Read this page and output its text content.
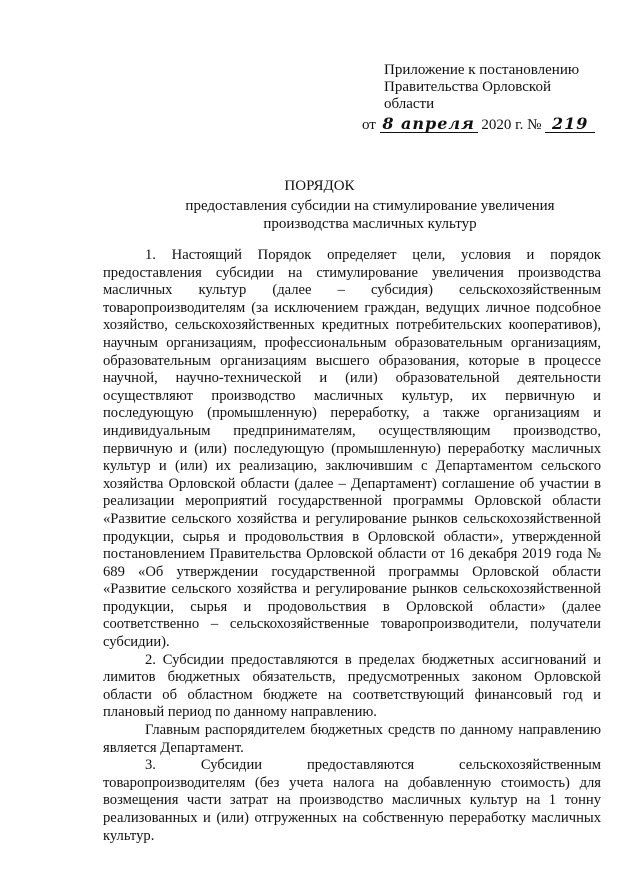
Приложение к постановлению
Правительства Орловской области
от 8 апреля 2020 г. № 219
ПОРЯДОК
предоставления субсидии на стимулирование увеличения производства масличных культур

1. Настоящий Порядок определяет цели, условия и порядок предоставления субсидии на стимулирование увеличения производства масличных культур (далее – субсидия) сельскохозяйственным товаропроизводителям (за исключением граждан, ведущих личное подсобное хозяйство, сельскохозяйственных кредитных потребительских кооперативов), научным организациям, профессиональным образовательным организациям, образовательным организациям высшего образования, которые в процессе научной, научно-технической и (или) образовательной деятельности осуществляют производство масличных культур, их первичную и последующую (промышленную) переработку, а также организациям и индивидуальным предпринимателям, осуществляющим производство, первичную и (или) последующую (промышленную) переработку масличных культур и (или) их реализацию, заключившим с Департаментом сельского хозяйства Орловской области (далее – Департамент) соглашение об участии в реализации мероприятий государственной программы Орловской области «Развитие сельского хозяйства и регулирование рынков сельскохозяйственной продукции, сырья и продовольствия в Орловской области», утвержденной постановлением Правительства Орловской области от 16 декабря 2019 года № 689 «Об утверждении государственной программы Орловской области «Развитие сельского хозяйства и регулирование рынков сельскохозяйственной продукции, сырья и продовольствия в Орловской области» (далее соответственно – сельскохозяйственные товаропроизводители, получатели субсидии).

2. Субсидии предоставляются в пределах бюджетных ассигнований и лимитов бюджетных обязательств, предусмотренных законом Орловской области об областном бюджете на соответствующий финансовый год и плановый период по данному направлению.

Главным распорядителем бюджетных средств по данному направлению является Департамент.

3. Субсидии предоставляются сельскохозяйственным товаропроизводителям (без учета налога на добавленную стоимость) для возмещения части затрат на производство масличных культур на 1 тонну реализованных и (или) отгруженных на собственную переработку масличных культур.
